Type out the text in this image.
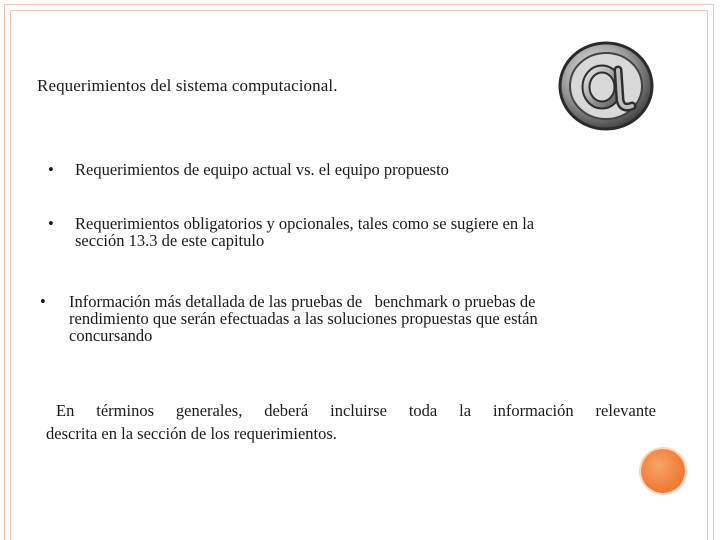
Requerimientos del sistema computacional.
• Requerimientos de equipo actual vs. el equipo propuesto
• Requerimientos obligatorios y opcionales, tales como se sugiere en la
sección 13.3 de este capitulo
• Información más detallada de las pruebas de   benchmark o pruebas de
rendimiento que serán efectuadas a las soluciones propuestas que están
concursando
En términos generales, deberá incluirse toda la información relevante
descrita en la sección de los requerimientos.
